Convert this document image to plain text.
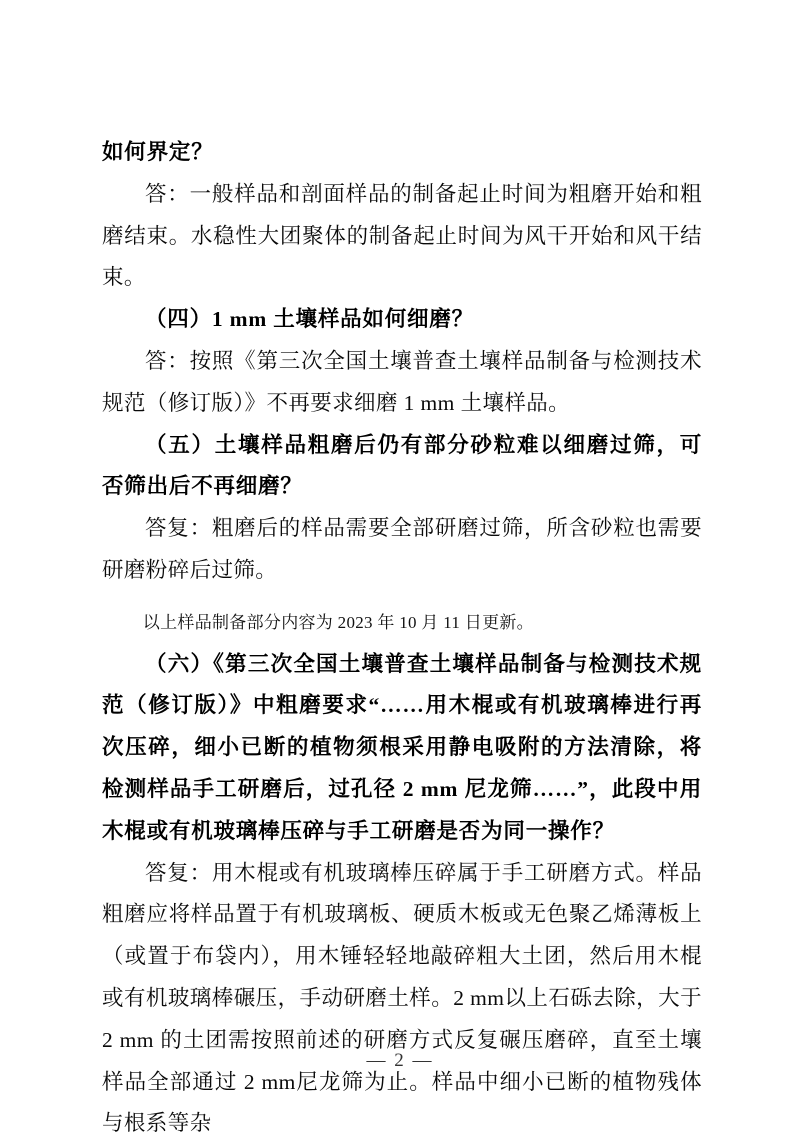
如何界定？

答：一般样品和剖面样品的制备起止时间为粗磨开始和粗磨结束。水稳性大团聚体的制备起止时间为风干开始和风干结束。

（四）1 mm 土壤样品如何细磨？

答：按照《第三次全国土壤普查土壤样品制备与检测技术规范（修订版）》不再要求细磨 1 mm 土壤样品。

（五）土壤样品粗磨后仍有部分砂粒难以细磨过筛，可否筛出后不再细磨？

答复：粗磨后的样品需要全部研磨过筛，所含砂粒也需要研磨粉碎后过筛。

以上样品制备部分内容为 2023 年 10 月 11 日更新。

（六）《第三次全国土壤普查土壤样品制备与检测技术规范（修订版）》中粗磨要求“……用木棍或有机玻璃棒进行再次压碎，细小已断的植物须根采用静电吸附的方法清除，将检测样品手工研磨后，过孔径 2 mm 尼龙筛……”，此段中用木棍或有机玻璃棒压碎与手工研磨是否为同一操作？

答复：用木棍或有机玻璃棒压碎属于手工研磨方式。样品粗磨应将样品置于有机玻璃板、硬质木板或无色聚乙烯薄板上（或置于布袋内），用木锤轻轻地敲碎粗大土团，然后用木棍或有机玻璃棒碾压，手动研磨土样。2 mm以上石砾去除，大于 2 mm 的土团需按照前述的研磨方式反复碾压磨碎，直至土壤样品全部通过 2 mm尼龙筛为止。样品中细小已断的植物残体与根系等杂

— 2 —
